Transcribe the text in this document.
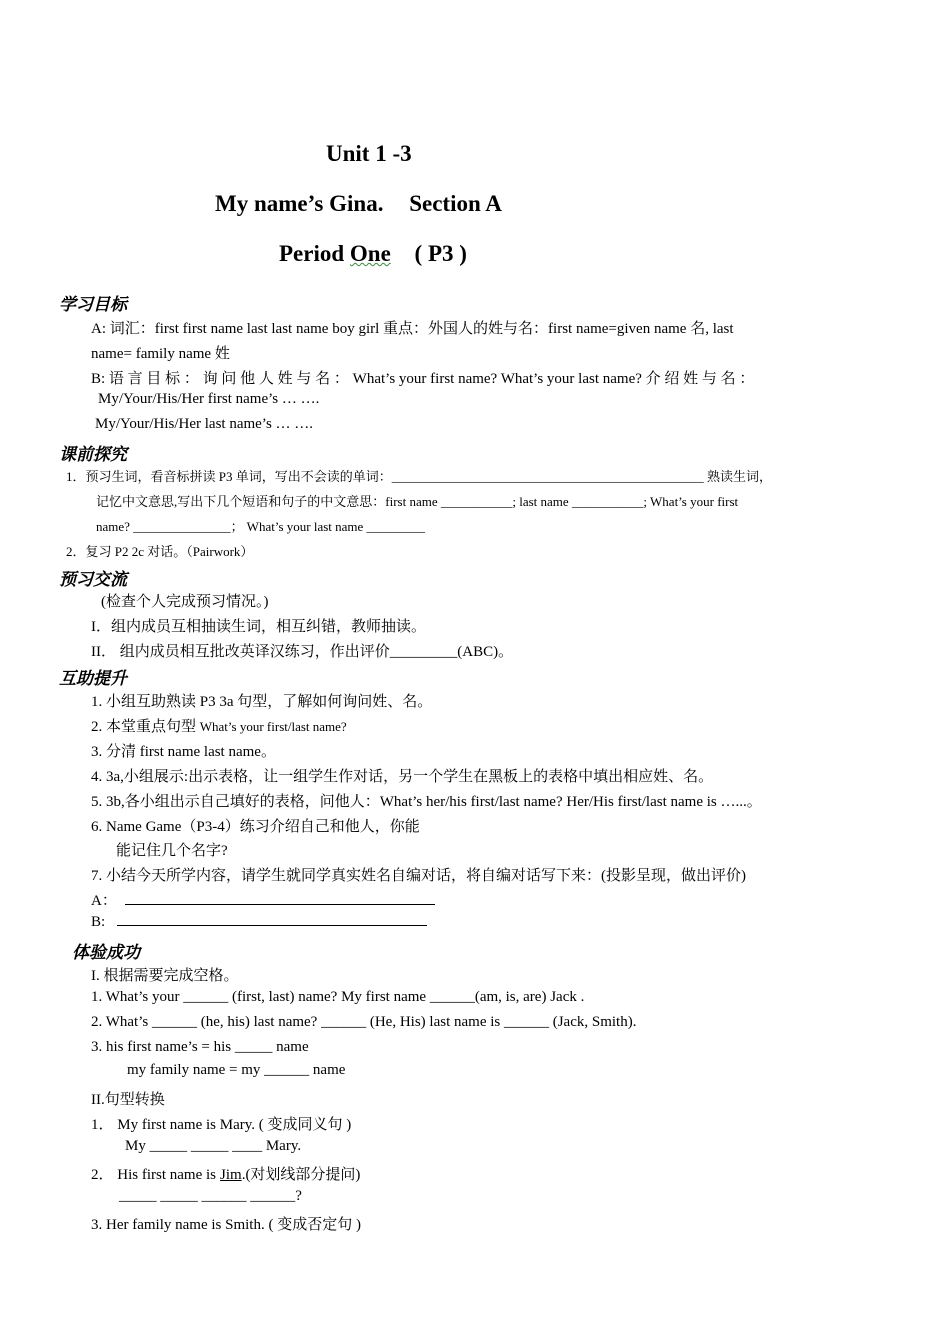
Unit 1 -3
My name’s Gina. Section A
Period One ( P3 )
学习目标
A: 词汇：first first name last last name boy girl 重点：外国人的姓与名：first name=given name 名, last
name= family name 姓
B: 语 言 目 标 ： 询 问 他 人 姓 与 名 ： What’s your first name? What’s your last name? 介 绍 姓 与 名 ：
My/Your/His/Her first name’s … ….
My/Your/His/Her last name’s … ….
课前探究
1．预习生词，看音标拼读 P3 单词，写出不会读的单词：________________________________________________ 熟读生词，
记忆中文意思,写出下几个短语和句子的中文意思：first name ___________; last name ___________; What’s your first
name? _______________； What’s your last name _________
2．复习 P2 2c 对话。（Pairwork）
预习交流
(检查个人完成预习情况。)
I．组内成员互相抽读生词，相互纠错，教师抽读。
II． 组内成员相互批改英译汉练习，作出评价_________(ABC)。
互助提升
1. 小组互助熟读 P3 3a 句型，了解如何询问姓、名。
2. 本堂重点句型 What’s your first/last name?
3. 分清 first name last name。
4. 3a,小组展示:出示表格，让一组学生作对话，另一个学生在黑板上的表格中填出相应姓、名。
5. 3b,各小组出示自己填好的表格，问他人：What’s her/his first/last name? Her/His first/last name is …...。
6. Name Game（P3-4）练习介绍自己和他人，你能
能记住几个名字?
7. 小结今天所学内容，请学生就同学真实姓名自编对话，将自编对话写下来：(投影呈现，做出评价)
A：
B:
体验成功
I. 根据需要完成空格。
1. What’s your ______ (first, last) name? My first name ______(am, is, are) Jack .
2. What’s ______ (he, his) last name? ______ (He, His) last name is ______ (Jack, Smith).
3. his first name’s = his _____ name
my family name = my ______ name
II.句型转换
1． My first name is Mary. ( 变成同义句 )
My _____ _____ ____ Mary.
2． His first name is Jim.(对划线部分提问)
_____ _____ ______ ______?
3. Her family name is Smith. ( 变成否定句 )
